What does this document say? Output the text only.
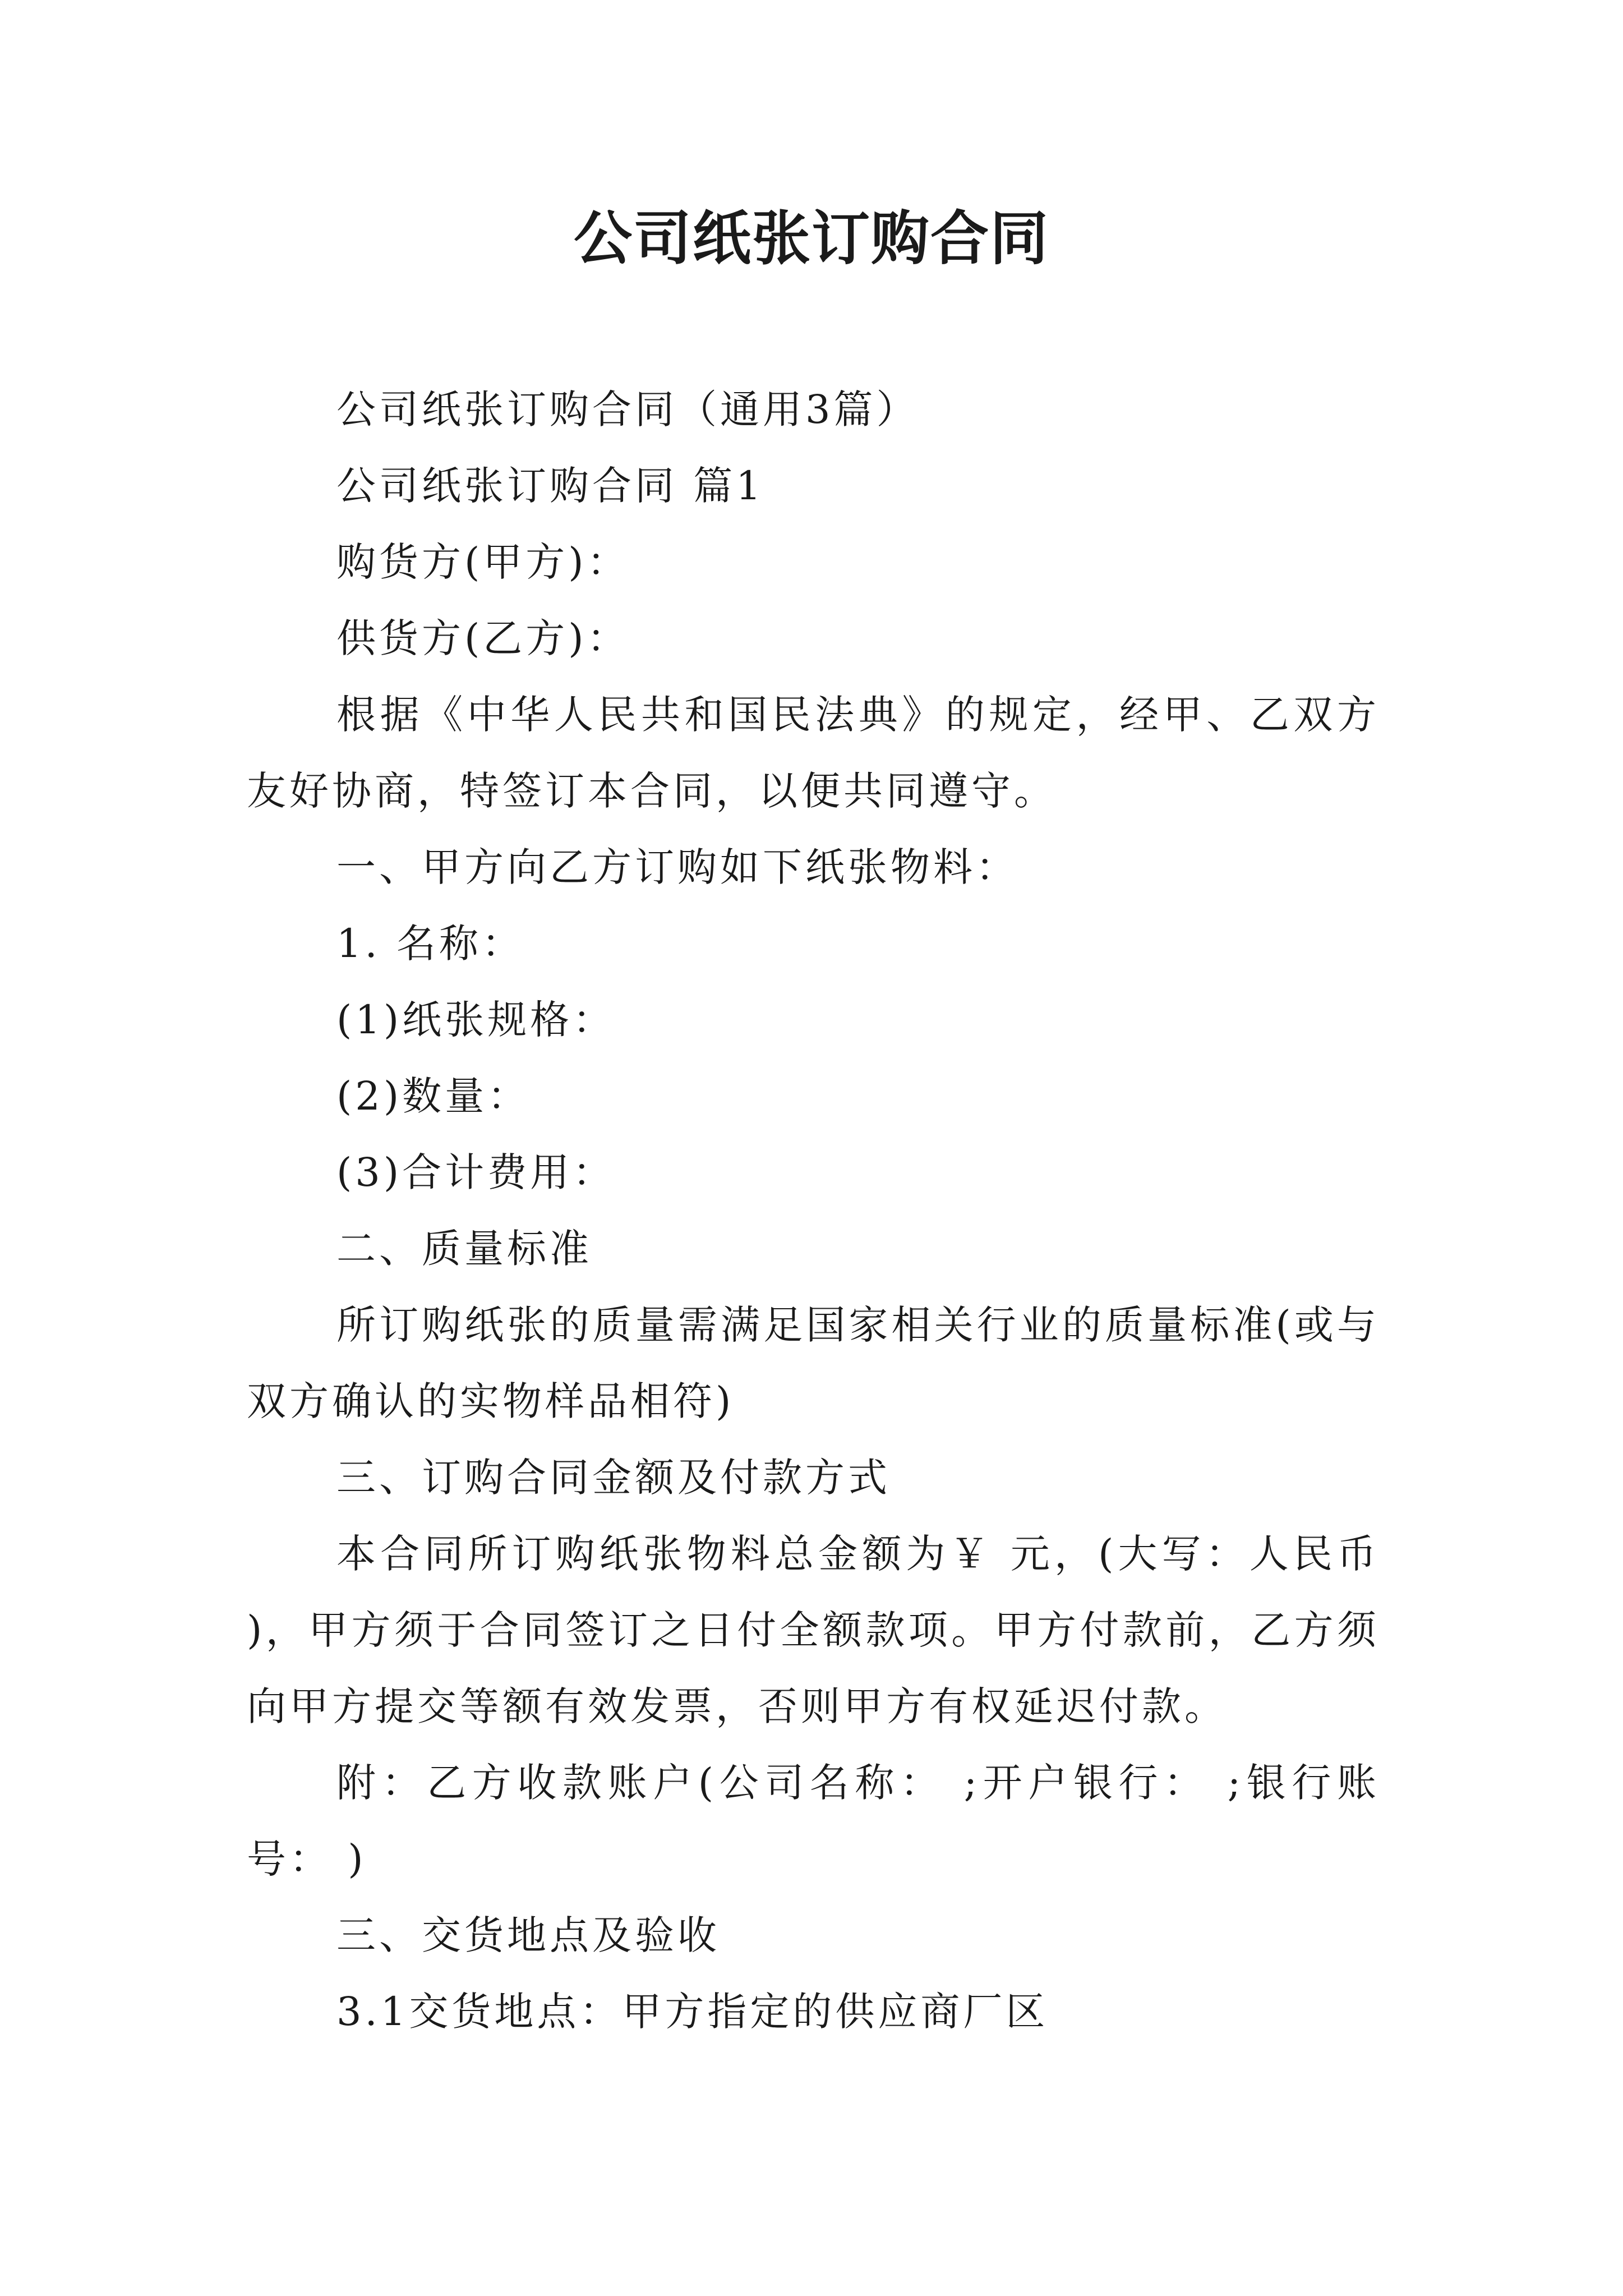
公司纸张订购合同

公司纸张订购合同（通用3篇）

公司纸张订购合同 篇1

购货方(甲方)：

供货方(乙方)：

根据《中华人民共和国民法典》的规定，经甲、乙双方友好协商，特签订本合同，以便共同遵守。

一、甲方向乙方订购如下纸张物料：

1. 名称：

(1)纸张规格：

(2)数量：

(3)合计费用：

二、质量标准

所订购纸张的质量需满足国家相关行业的质量标准(或与双方确认的实物样品相符)

三、订购合同金额及付款方式

本合同所订购纸张物料总金额为￥ 元，(大写：人民币 )，甲方须于合同签订之日付全额款项。甲方付款前，乙方须向甲方提交等额有效发票，否则甲方有权延迟付款。

附：乙方收款账户(公司名称： ;开户银行： ;银行账号： )

三、交货地点及验收

3.1交货地点：甲方指定的供应商厂区
